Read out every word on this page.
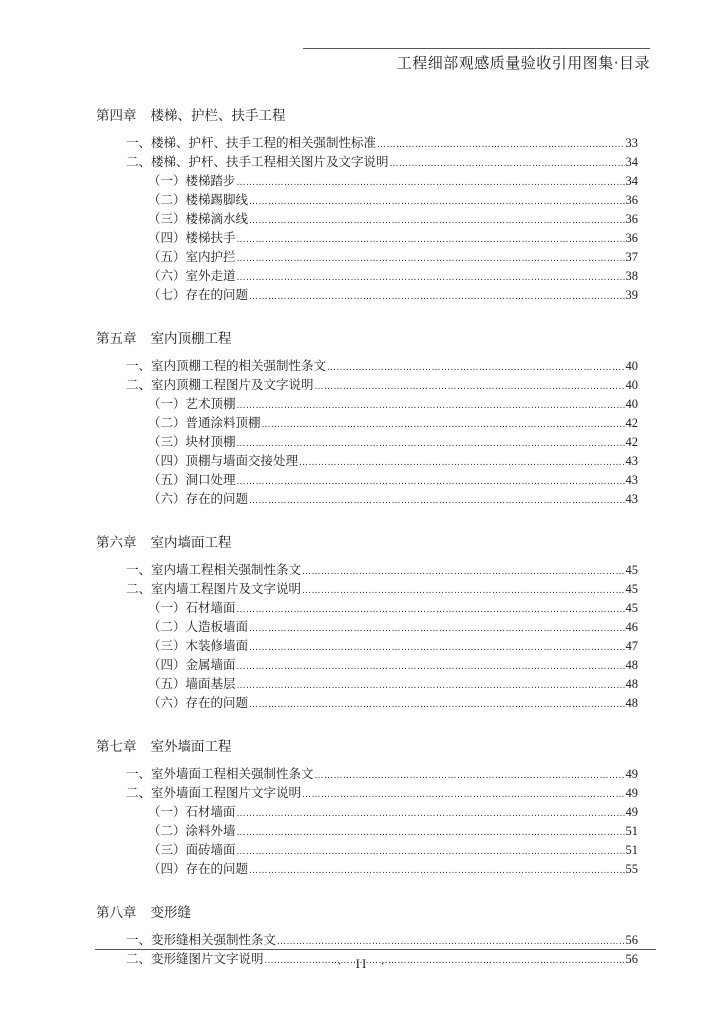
工程细部观感质量验收引用图集·目录
第四章 楼梯、护栏、扶手工程
一、楼梯、护杆、扶手工程的相关强制性标准 ……………………………………………………………………………………………………………………………………………………………………………………………………………………………………………	33
二、楼梯、护杆、扶手工程相关图片及文字说明 ……………………………………………………………………………………………………………………………………………………………………………………………………………………………………………	34
（一）楼梯踏步 ……………………………………………………………………………………………………………………………………………………………………………………………………………………………………………	34
（二）楼梯踢脚线 ……………………………………………………………………………………………………………………………………………………………………………………………………………………………………………	36
（三）楼梯滴水线 ……………………………………………………………………………………………………………………………………………………………………………………………………………………………………………	36
（四）楼梯扶手 ……………………………………………………………………………………………………………………………………………………………………………………………………………………………………………	36
（五）室内护拦 ……………………………………………………………………………………………………………………………………………………………………………………………………………………………………………	37
（六）室外走道 ……………………………………………………………………………………………………………………………………………………………………………………………………………………………………………	38
（七）存在的问题 ……………………………………………………………………………………………………………………………………………………………………………………………………………………………………………	39
第五章 室内顶棚工程
一、室内顶棚工程的相关强制性条文 ……………………………………………………………………………………………………………………………………………………………………………………………………………………………………………	40
二、室内顶棚工程图片及文字说明 ……………………………………………………………………………………………………………………………………………………………………………………………………………………………………………	40
（一）艺术顶棚 ……………………………………………………………………………………………………………………………………………………………………………………………………………………………………………	40
（二）普通涂料顶棚 ……………………………………………………………………………………………………………………………………………………………………………………………………………………………………………	42
（三）块材顶棚 ……………………………………………………………………………………………………………………………………………………………………………………………………………………………………………	42
（四）顶棚与墙面交接处理 ……………………………………………………………………………………………………………………………………………………………………………………………………………………………………………	43
（五）洞口处理 ……………………………………………………………………………………………………………………………………………………………………………………………………………………………………………	43
（六）存在的问题 ……………………………………………………………………………………………………………………………………………………………………………………………………………………………………………	43
第六章 室内墙面工程
一、室内墙工程相关强制性条文 ……………………………………………………………………………………………………………………………………………………………………………………………………………………………………………	45
二、室内墙工程图片及文字说明 ……………………………………………………………………………………………………………………………………………………………………………………………………………………………………………	45
（一）石材墙面 ……………………………………………………………………………………………………………………………………………………………………………………………………………………………………………	45
（二）人造板墙面 ……………………………………………………………………………………………………………………………………………………………………………………………………………………………………………	46
（三）木装修墙面 ……………………………………………………………………………………………………………………………………………………………………………………………………………………………………………	47
（四）金属墙面 ……………………………………………………………………………………………………………………………………………………………………………………………………………………………………………	48
（五）墙面基层 ……………………………………………………………………………………………………………………………………………………………………………………………………………………………………………	48
（六）存在的问题 ……………………………………………………………………………………………………………………………………………………………………………………………………………………………………………	48
第七章 室外墙面工程
一、室外墙面工程相关强制性条文 ……………………………………………………………………………………………………………………………………………………………………………………………………………………………………………	49
二、室外墙面工程图片文字说明 ……………………………………………………………………………………………………………………………………………………………………………………………………………………………………………	49
（一）石材墙面 ……………………………………………………………………………………………………………………………………………………………………………………………………………………………………………	49
（二）涂料外墙 ……………………………………………………………………………………………………………………………………………………………………………………………………………………………………………	51
（三）面砖墙面 ……………………………………………………………………………………………………………………………………………………………………………………………………………………………………………	51
（四）存在的问题 ……………………………………………………………………………………………………………………………………………………………………………………………………………………………………………	55
第八章 变形缝
一、变形缝相关强制性条文 ……………………………………………………………………………………………………………………………………………………………………………………………………………………………………………	56
二、变形缝图片文字说明 ……………………………………………………………………………………………………………………………………………………………………………………………………………………………………………	56
· II ·
